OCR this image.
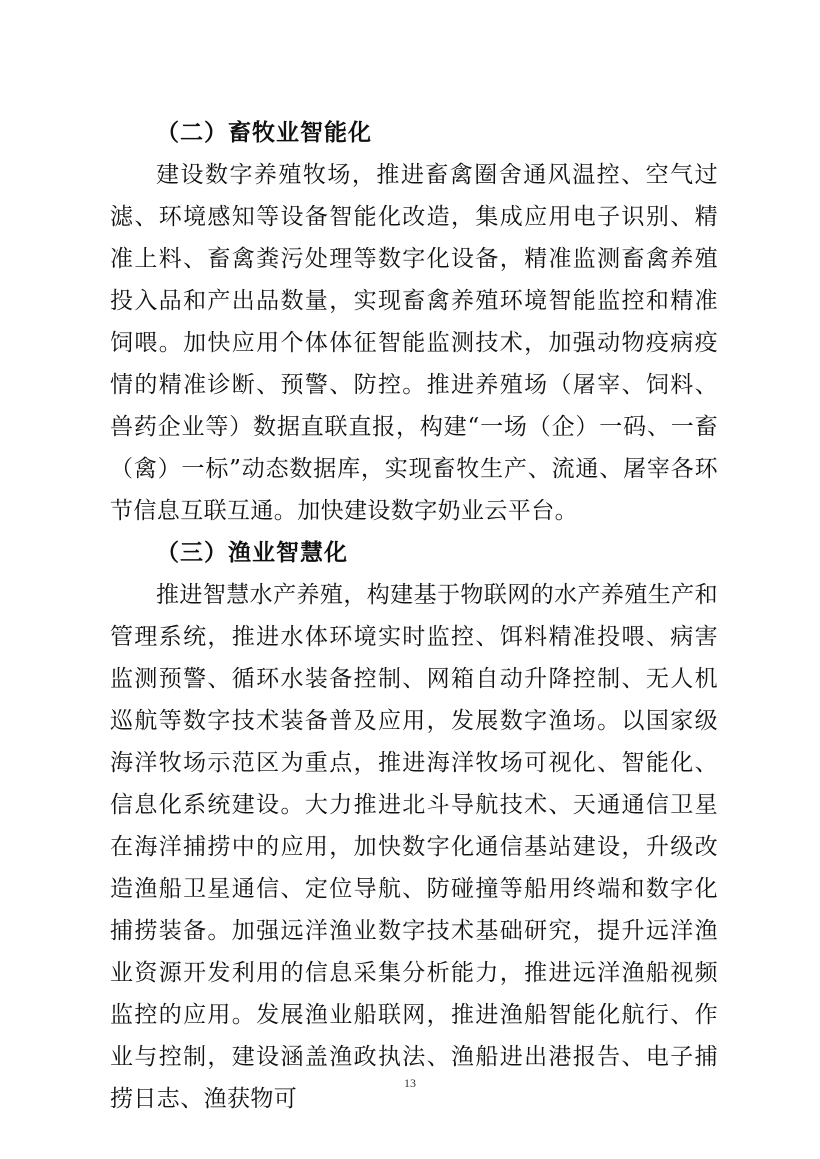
（二）畜牧业智能化

建设数字养殖牧场，推进畜禽圈舍通风温控、空气过滤、环境感知等设备智能化改造，集成应用电子识别、精准上料、畜禽粪污处理等数字化设备，精准监测畜禽养殖投入品和产出品数量，实现畜禽养殖环境智能监控和精准饲喂。加快应用个体体征智能监测技术，加强动物疫病疫情的精准诊断、预警、防控。推进养殖场（屠宰、饲料、兽药企业等）数据直联直报，构建“一场（企）一码、一畜（禽）一标”动态数据库，实现畜牧生产、流通、屠宰各环节信息互联互通。加快建设数字奶业云平台。

（三）渔业智慧化

推进智慧水产养殖，构建基于物联网的水产养殖生产和管理系统，推进水体环境实时监控、饵料精准投喂、病害监测预警、循环水装备控制、网箱自动升降控制、无人机巡航等数字技术装备普及应用，发展数字渔场。以国家级海洋牧场示范区为重点，推进海洋牧场可视化、智能化、信息化系统建设。大力推进北斗导航技术、天通通信卫星在海洋捕捞中的应用，加快数字化通信基站建设，升级改造渔船卫星通信、定位导航、防碰撞等船用终端和数字化捕捞装备。加强远洋渔业数字技术基础研究，提升远洋渔业资源开发利用的信息采集分析能力，推进远洋渔船视频监控的应用。发展渔业船联网，推进渔船智能化航行、作业与控制，建设涵盖渔政执法、渔船进出港报告、电子捕捞日志、渔获物可

13
